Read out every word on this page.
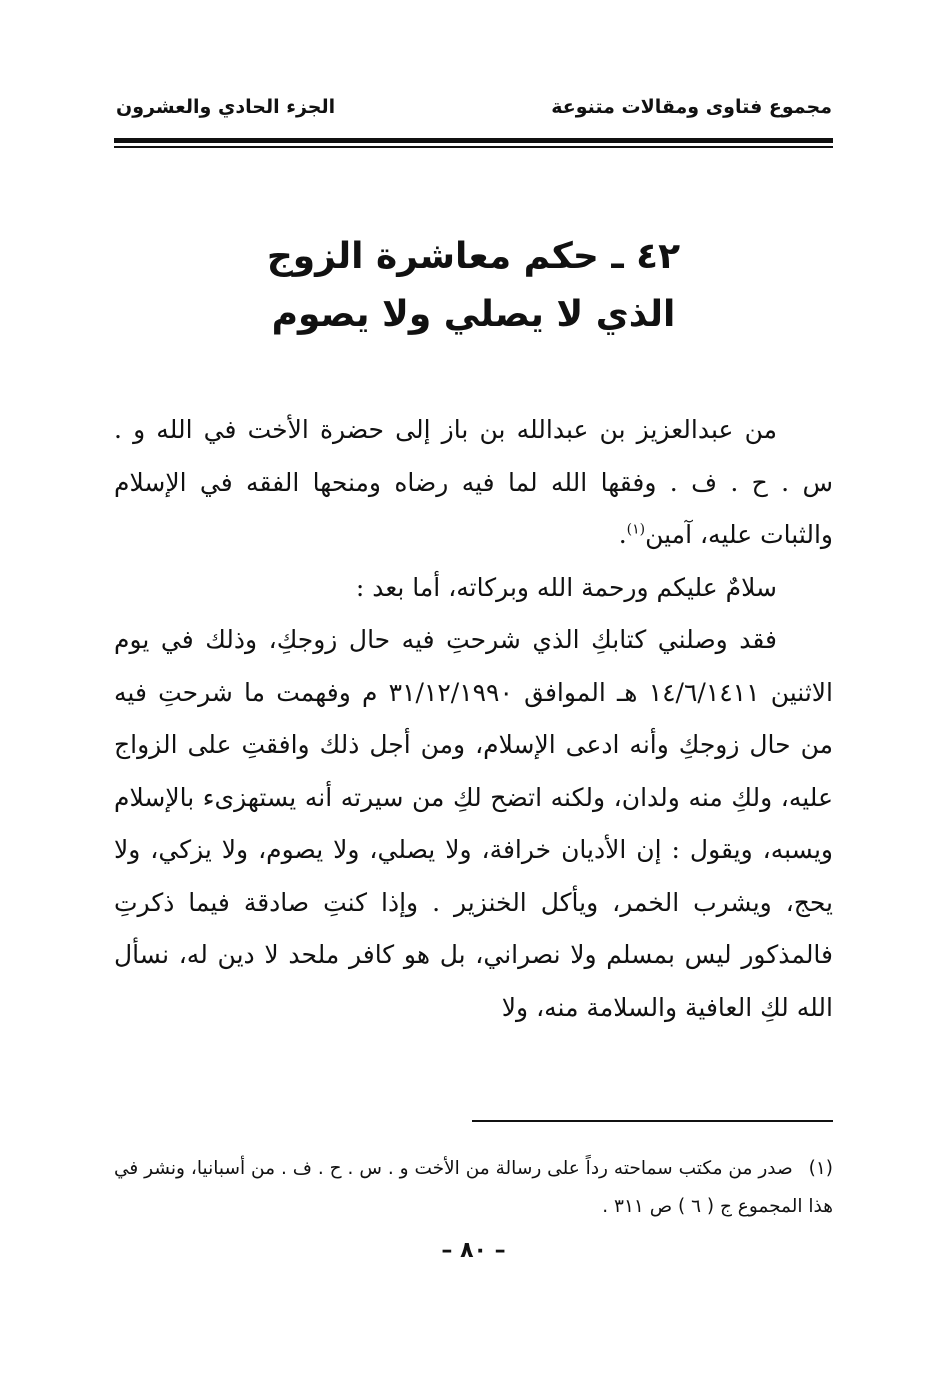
مجموع فتاوى ومقالات متنوعة
الجزء الحادي والعشرون
٤٢ ـ حكم معاشرة الزوج
الذي لا يصلي ولا يصوم

من عبدالعزيز بن عبدالله بن باز إلى حضرة الأخت في الله و . س . ح . ف . وفقها الله لما فيه رضاه ومنحها الفقه في الإسلام والثبات عليه، آمين$^{(١)}$.

سلامٌ عليكم ورحمة الله وبركاته، أما بعد :

فقد وصلني كتابكِ الذي شرحتِ فيه حال زوجكِ، وذلك في يوم الاثنين ١٤/٦/١٤١١ هـ الموافق ٣١/١٢/١٩٩٠ م وفهمت ما شرحتِ فيه من حال زوجكِ وأنه ادعى الإسلام، ومن أجل ذلك وافقتِ على الزواج عليه، ولكِ منه ولدان، ولكنه اتضح لكِ من سيرته أنه يستهزىء بالإسلام ويسبه، ويقول : إن الأديان خرافة، ولا يصلي، ولا يصوم، ولا يزكي، ولا يحج، ويشرب الخمر، ويأكل الخنزير . وإذا كنتِ صادقة فيما ذكرتِ فالمذكور ليس بمسلم ولا نصراني، بل هو كافر ملحد لا دين له، نسأل الله لكِ العافية والسلامة منه، ولا

(١) صدر من مكتب سماحته رداً على رسالة من الأخت و . س . ح . ف . من أسبانيا، ونشر في هذا المجموع ج ( ٦ ) ص ٣١١ .
– ٨٠ –
